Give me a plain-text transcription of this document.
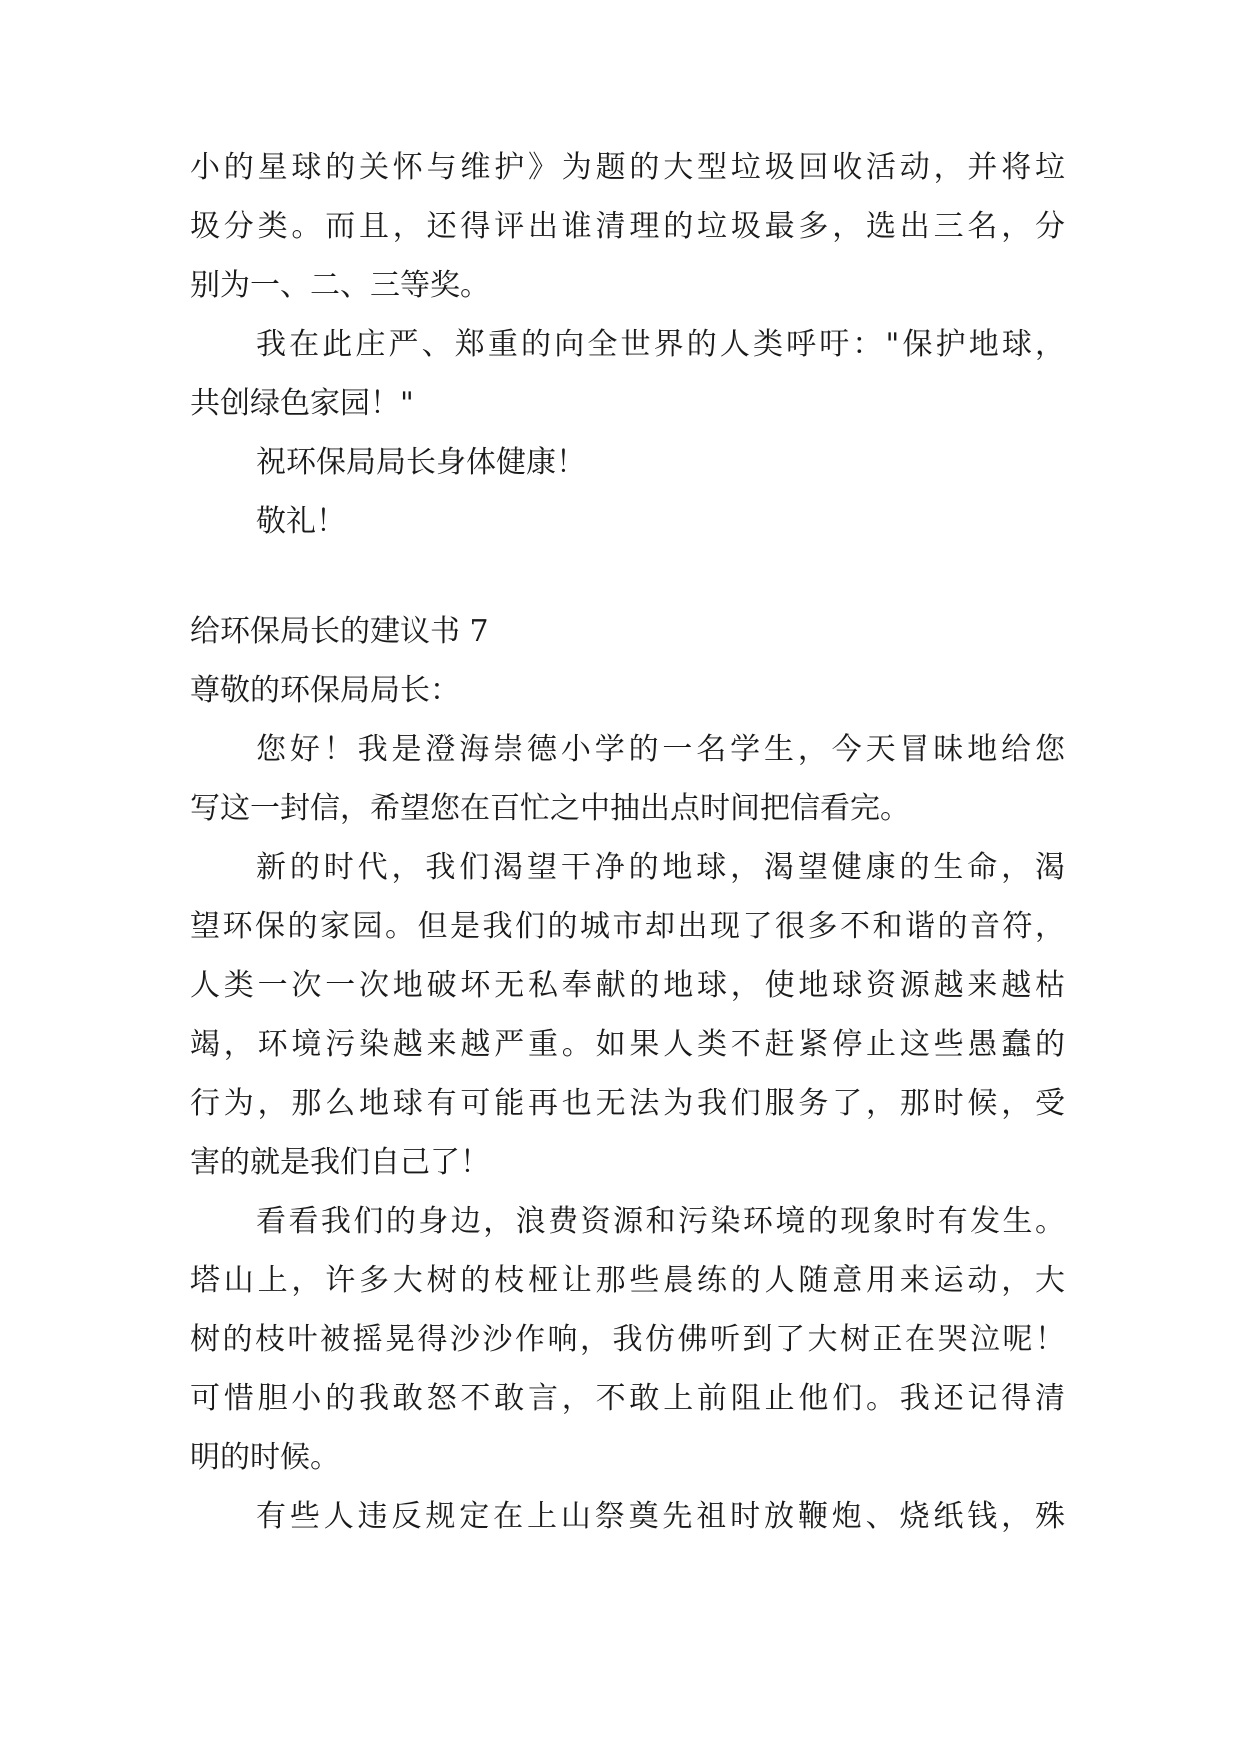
小的星球的关怀与维护》为题的大型垃圾回收活动，并将垃
圾分类。而且，还得评出谁清理的垃圾最多，选出三名，分
别为一、二、三等奖。
我在此庄严、郑重的向全世界的人类呼吁："保护地球，
共创绿色家园！"
祝环保局局长身体健康！
敬礼！
给环保局长的建议书 7
尊敬的环保局局长：
您好！我是澄海崇德小学的一名学生，今天冒昧地给您
写这一封信，希望您在百忙之中抽出点时间把信看完。
新的时代，我们渴望干净的地球，渴望健康的生命，渴
望环保的家园。但是我们的城市却出现了很多不和谐的音符，
人类一次一次地破坏无私奉献的地球，使地球资源越来越枯
竭，环境污染越来越严重。如果人类不赶紧停止这些愚蠢的
行为，那么地球有可能再也无法为我们服务了，那时候，受
害的就是我们自己了！
看看我们的身边，浪费资源和污染环境的现象时有发生。
塔山上，许多大树的枝桠让那些晨练的人随意用来运动，大
树的枝叶被摇晃得沙沙作响，我仿佛听到了大树正在哭泣呢！
可惜胆小的我敢怒不敢言，不敢上前阻止他们。我还记得清
明的时候。
有些人违反规定在上山祭奠先祖时放鞭炮、烧纸钱，殊
